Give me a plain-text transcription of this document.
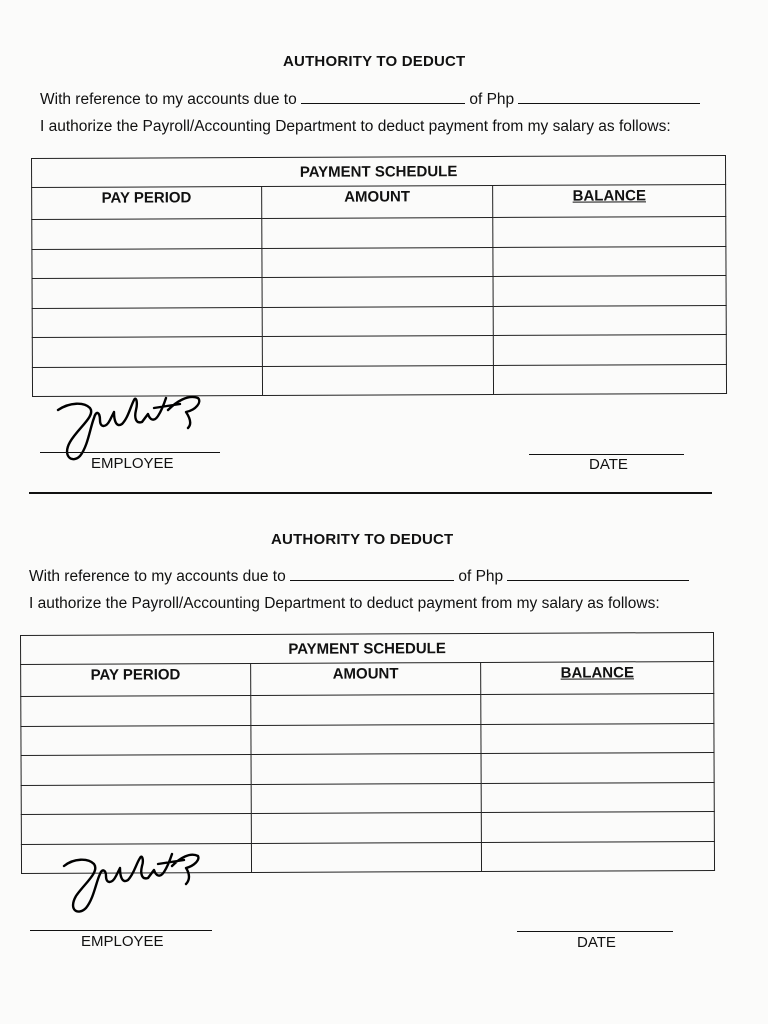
AUTHORITY TO DEDUCT
With reference to my accounts due to	of Php
I authorize the Payroll/Accounting Department to deduct payment from my salary as follows:
PAYMENT SCHEDULE		
PAY PERIOD	AMOUNT	BALANCE

EMPLOYEE	DATE
AUTHORITY TO DEDUCT
With reference to my accounts due to	of Php
I authorize the Payroll/Accounting Department to deduct payment from my salary as follows:
PAYMENT SCHEDULE		
PAY PERIOD	AMOUNT	BALANCE

EMPLOYEE	DATE
